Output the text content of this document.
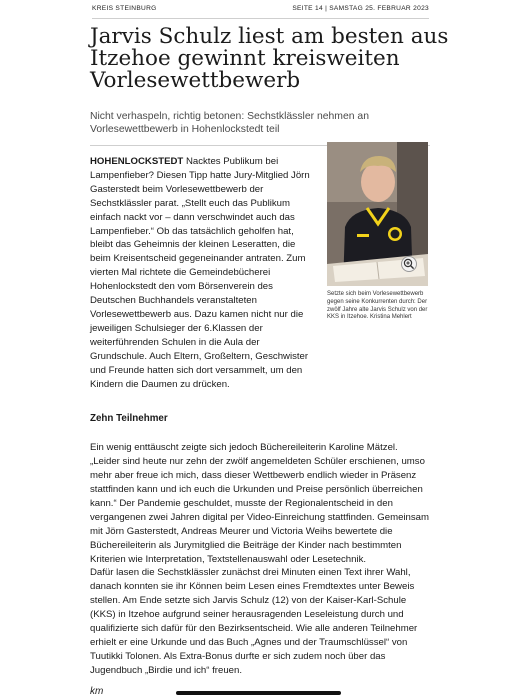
KREIS STEINBURG	SEITE 14 | SAMSTAG 25. FEBRUAR 2023
Jarvis Schulz liest am besten aus Itzehoe gewinnt kreisweiten Vorlesewettbewerb

Nicht verhaspeln, richtig betonen: Sechstklässler nehmen an Vorlesewettbewerb in Hohenlockstedt teil

Setzte sich beim Vorlesewettbewerb gegen seine Konkurrenten durch: Der zwölf Jahre alte Jarvis Schulz von der KKS in Itzehoe. Kristina Mehlert

HOHENLOCKSTEDT Nacktes Publikum bei Lampenfieber? Diesen Tipp hatte Jury-Mitglied Jörn Gasterstedt beim Vorlesewettbewerb der Sechstklässler parat. „Stellt euch das Publikum einfach nackt vor – dann verschwindet auch das Lampenfieber.“ Ob das tatsächlich geholfen hat, bleibt das Geheimnis der kleinen Leseratten, die beim Kreisentscheid gegeneinander antraten. Zum vierten Mal richtete die Gemeindebücherei Hohenlockstedt den vom Börsenverein des Deutschen Buchhandels veranstalteten Vorlesewettbewerb aus. Dazu kamen nicht nur die jeweiligen Schulsieger der 6.Klassen der weiterführenden Schulen in die Aula der Grundschule. Auch Eltern, Großeltern, Geschwister und Freunde hatten sich dort versammelt, um den Kindern die Daumen zu drücken.

Zehn Teilnehmer

Ein wenig enttäuscht zeigte sich jedoch Büchereileiterin Karoline Mätzel. „Leider sind heute nur zehn der zwölf angemeldeten Schüler erschienen, umso mehr aber freue ich mich, dass dieser Wettbewerb endlich wieder in Präsenz stattfinden kann und ich euch die Urkunden und Preise persönlich überreichen kann.“ Der Pandemie geschuldet, musste der Regionalentscheid in den vergangenen zwei Jahren digital per Video-Einreichung stattfinden. Gemeinsam mit Jörn Gasterstedt, Andreas Meurer und Victoria Weihs bewertete die Büchereileiterin als Jurymitglied die Beiträge der Kinder nach bestimmten Kriterien wie Interpretation, Textstellenauswahl oder Lesetechnik.

Dafür lasen die Sechstklässler zunächst drei Minuten einen Text ihrer Wahl, danach konnten sie ihr Können beim Lesen eines Fremdtextes unter Beweis stellen. Am Ende setzte sich Jarvis Schulz (12) von der Kaiser-Karl-Schule (KKS) in Itzehoe aufgrund seiner herausragenden Leseleistung durch und qualifizierte sich dafür für den Bezirksentscheid. Wie alle anderen Teilnehmer erhielt er eine Urkunde und das Buch „Agnes und der Traumschlüssel“ von Tuutikki Tolonen. Als Extra-Bonus durfte er sich zudem noch über das Jugendbuch „Birdie und ich“ freuen.

km
